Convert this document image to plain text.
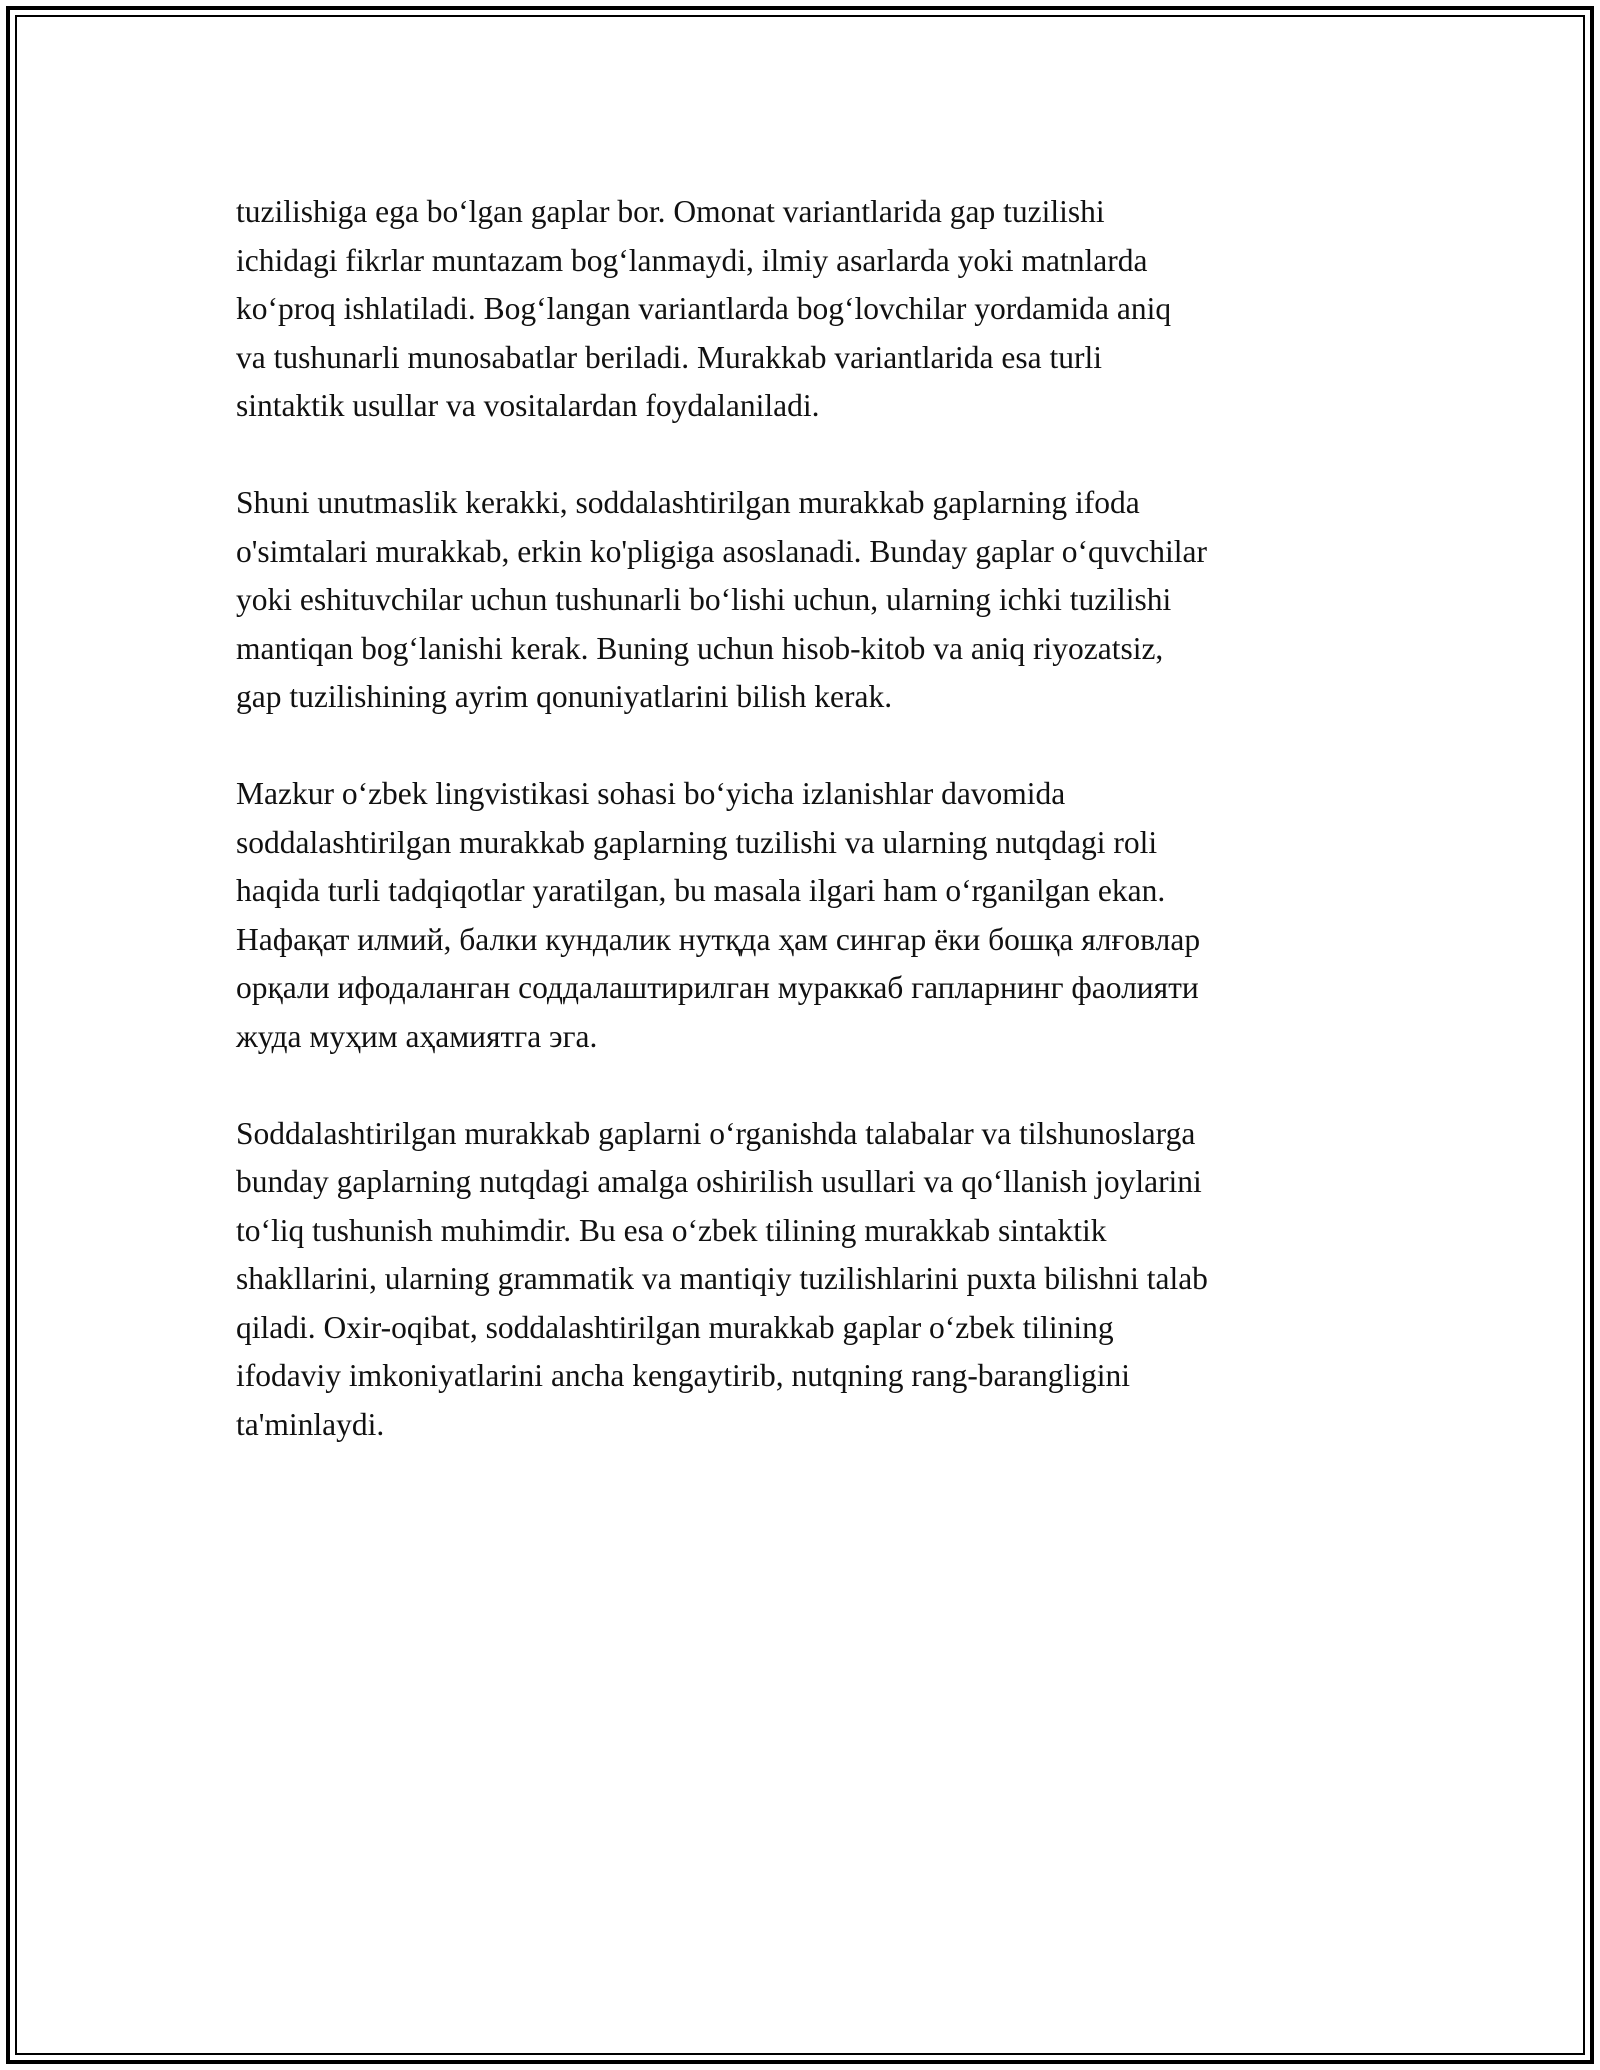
tuzilishiga ega bo‘lgan gaplar bor. Omonat variantlarida gap tuzilishi
ichidagi fikrlar muntazam bog‘lanmaydi, ilmiy asarlarda yoki matnlarda
ko‘proq ishlatiladi. Bog‘langan variantlarda bog‘lovchilar yordamida aniq
va tushunarli munosabatlar beriladi. Murakkab variantlarida esa turli
sintaktik usullar va vositalardan foydalaniladi.

Shuni unutmaslik kerakki, soddalashtirilgan murakkab gaplarning ifoda
o'simtalari murakkab, erkin ko'pligiga asoslanadi. Bunday gaplar o‘quvchilar
yoki eshituvchilar uchun tushunarli bo‘lishi uchun, ularning ichki tuzilishi
mantiqan bog‘lanishi kerak. Buning uchun hisob-kitob va aniq riyozatsiz,
gap tuzilishining ayrim qonuniyatlarini bilish kerak.

Mazkur o‘zbek lingvistikasi sohasi bo‘yicha izlanishlar davomida
soddalashtirilgan murakkab gaplarning tuzilishi va ularning nutqdagi roli
haqida turli tadqiqotlar yaratilgan, bu masala ilgari ham o‘rganilgan ekan.
Нафақат илмий, балки кундалик нутқда ҳам сингар ёки бошқа ялғовлар
орқали ифодаланган соддалаштирилган мураккаб гапларнинг фаолияти
жуда муҳим аҳамиятга эга.

Soddalashtirilgan murakkab gaplarni o‘rganishda talabalar va tilshunoslarga
bunday gaplarning nutqdagi amalga oshirilish usullari va qo‘llanish joylarini
to‘liq tushunish muhimdir. Bu esa o‘zbek tilining murakkab sintaktik
shakllarini, ularning grammatik va mantiqiy tuzilishlarini puxta bilishni talab
qiladi. Oxir-oqibat, soddalashtirilgan murakkab gaplar o‘zbek tilining
ifodaviy imkoniyatlarini ancha kengaytirib, nutqning rang-barangligini
ta'minlaydi.
